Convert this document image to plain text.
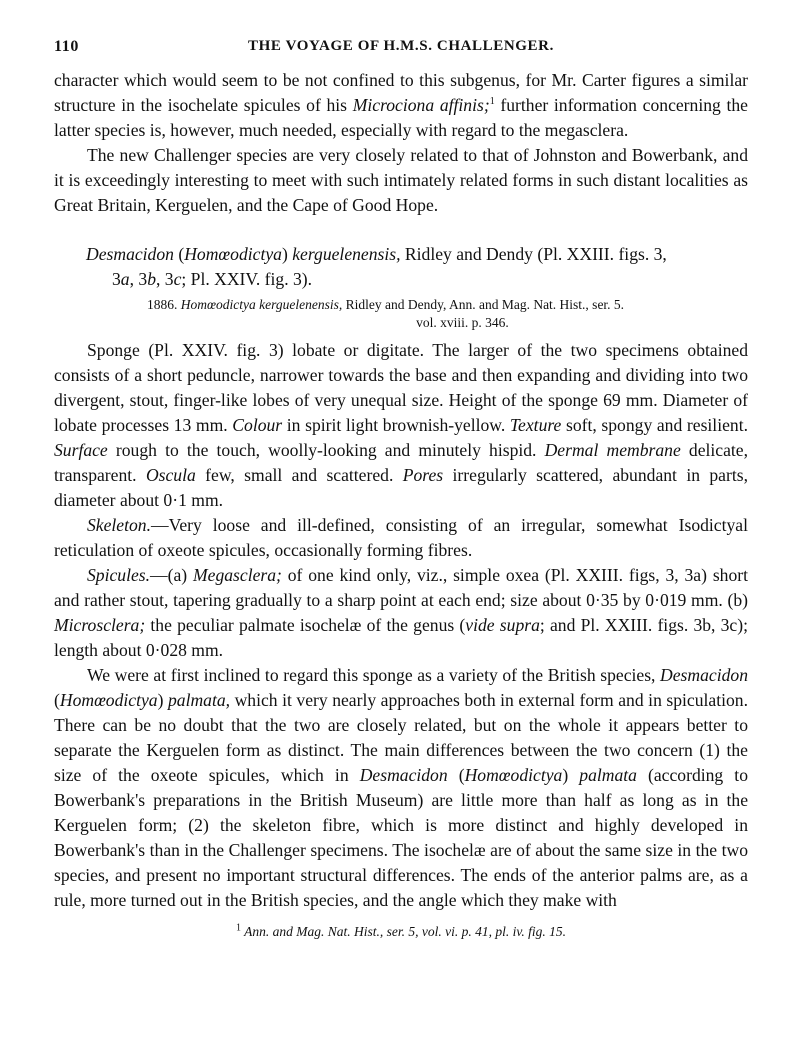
110	THE VOYAGE OF H.M.S. CHALLENGER.

character which would seem to be not confined to this subgenus, for Mr. Carter figures a similar structure in the isochelate spicules of his Microciona affinis;$^1$ further information concerning the latter species is, however, much needed, especially with regard to the megasclera.

The new Challenger species are very closely related to that of Johnston and Bowerbank, and it is exceedingly interesting to meet with such intimately related forms in such distant localities as Great Britain, Kerguelen, and the Cape of Good Hope.

Desmacidon (Homœodictya) kerguelenensis, Ridley and Dendy (Pl. XXIII. figs. 3,
3a, 3b, 3c; Pl. XXIV. fig. 3).

1886. Homœodictya kerguelenensis, Ridley and Dendy, Ann. and Mag. Nat. Hist., ser. 5.
vol. xviii. p. 346.

Sponge (Pl. XXIV. fig. 3) lobate or digitate. The larger of the two specimens obtained consists of a short peduncle, narrower towards the base and then expanding and dividing into two divergent, stout, finger-like lobes of very unequal size. Height of the sponge 69 mm. Diameter of lobate processes 13 mm. Colour in spirit light brownish-yellow. Texture soft, spongy and resilient. Surface rough to the touch, woolly-looking and minutely hispid. Dermal membrane delicate, transparent. Oscula few, small and scattered. Pores irregularly scattered, abundant in parts, diameter about 0·1 mm.

Skeleton.—Very loose and ill-defined, consisting of an irregular, somewhat Isodictyal reticulation of oxeote spicules, occasionally forming fibres.

Spicules.—(a) Megasclera; of one kind only, viz., simple oxea (Pl. XXIII. figs, 3, 3a) short and rather stout, tapering gradually to a sharp point at each end; size about 0·35 by 0·019 mm. (b) Microsclera; the peculiar palmate isochelæ of the genus (vide supra; and Pl. XXIII. figs. 3b, 3c); length about 0·028 mm.

We were at first inclined to regard this sponge as a variety of the British species, Desmacidon (Homœodictya) palmata, which it very nearly approaches both in external form and in spiculation. There can be no doubt that the two are closely related, but on the whole it appears better to separate the Kerguelen form as distinct. The main differences between the two concern (1) the size of the oxeote spicules, which in Desmacidon (Homœodictya) palmata (according to Bowerbank's preparations in the British Museum) are little more than half as long as in the Kerguelen form; (2) the skeleton fibre, which is more distinct and highly developed in Bowerbank's than in the Challenger specimens. The isochelæ are of about the same size in the two species, and present no important structural differences. The ends of the anterior palms are, as a rule, more turned out in the British species, and the angle which they make with

$^1$ Ann. and Mag. Nat. Hist., ser. 5, vol. vi. p. 41, pl. iv. fig. 15.
